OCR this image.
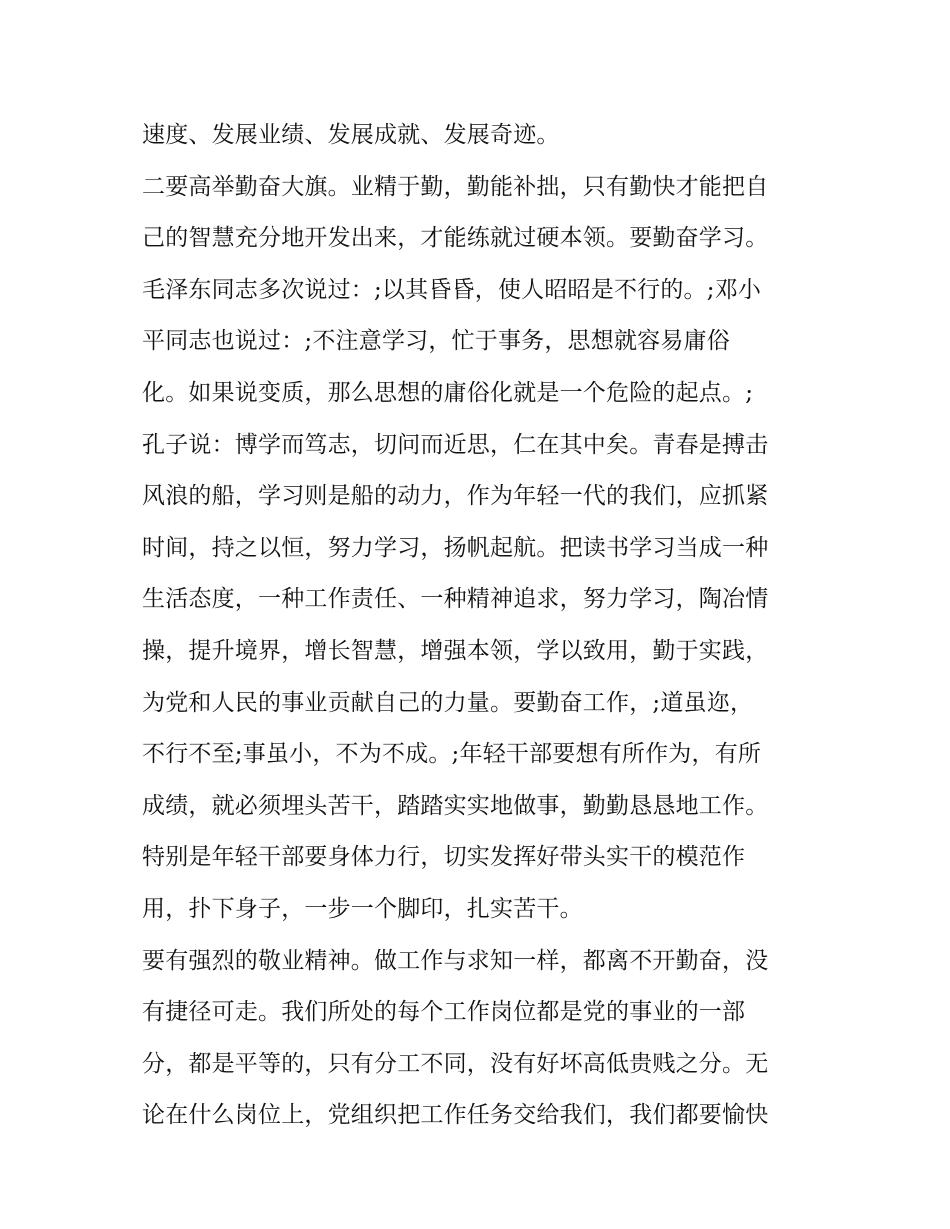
速度、发展业绩、发展成就、发展奇迹。
二要高举勤奋大旗。业精于勤，勤能补拙，只有勤快才能把自
己的智慧充分地开发出来，才能练就过硬本领。要勤奋学习。
毛泽东同志多次说过：;以其昏昏，使人昭昭是不行的。;邓小
平同志也说过：;不注意学习，忙于事务，思想就容易庸俗
化。如果说变质，那么思想的庸俗化就是一个危险的起点。;
孔子说：博学而笃志，切问而近思，仁在其中矣。青春是搏击
风浪的船，学习则是船的动力，作为年轻一代的我们，应抓紧
时间，持之以恒，努力学习，扬帆起航。把读书学习当成一种
生活态度，一种工作责任、一种精神追求，努力学习，陶冶情
操，提升境界，增长智慧，增强本领，学以致用，勤于实践，
为党和人民的事业贡献自己的力量。要勤奋工作，;道虽迩，
不行不至;事虽小，不为不成。;年轻干部要想有所作为，有所
成绩，就必须埋头苦干，踏踏实实地做事，勤勤恳恳地工作。
特别是年轻干部要身体力行，切实发挥好带头实干的模范作
用，扑下身子，一步一个脚印，扎实苦干。
要有强烈的敬业精神。做工作与求知一样，都离不开勤奋，没
有捷径可走。我们所处的每个工作岗位都是党的事业的一部
分，都是平等的，只有分工不同，没有好坏高低贵贱之分。无
论在什么岗位上，党组织把工作任务交给我们，我们都要愉快
